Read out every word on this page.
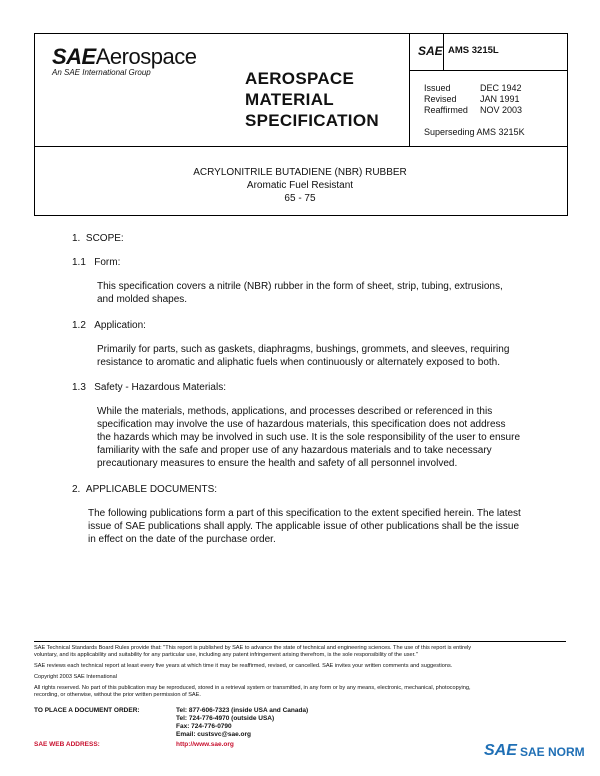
SAEAerospace
An SAE International Group	AEROSPACE
MATERIAL
SPECIFICATION
SAE AMS 3215L
Issued	DEC 1942
Revised	JAN 1991
Reaffirmed NOV 2003
Superseding AMS 3215K
ACRYLONITRILE BUTADIENE (NBR) RUBBER
Aromatic Fuel Resistant
65 - 75
1. SCOPE:
1.1 Form:
This specification covers a nitrile (NBR) rubber in the form of sheet, strip, tubing, extrusions,
and molded shapes.
1.2 Application:
Primarily for parts, such as gaskets, diaphragms, bushings, grommets, and sleeves, requiring
resistance to aromatic and aliphatic fuels when continuously or alternately exposed to both.
1.3 Safety - Hazardous Materials:
While the materials, methods, applications, and processes described or referenced in this
specification may involve the use of hazardous materials, this specification does not address
the hazards which may be involved in such use. It is the sole responsibility of the user to ensure
familiarity with the safe and proper use of any hazardous materials and to take necessary
precautionary measures to ensure the health and safety of all personnel involved.
2. APPLICABLE DOCUMENTS:
The following publications form a part of this specification to the extent specified herein. The latest
issue of SAE publications shall apply. The applicable issue of other publications shall be the issue
in effect on the date of the purchase order.
SAE Technical Standards Board Rules provide that: "This report is published by SAE to advance the state of technical and engineering sciences. The use of this report is entirely
voluntary, and its applicability and suitability for any particular use, including any patent infringement arising therefrom, is the sole responsibility of the user."
SAE reviews each technical report at least every five years at which time it may be reaffirmed, revised, or cancelled. SAE invites your written comments and suggestions.
Copyright 2003 SAE International
All rights reserved. No part of this publication may be reproduced, stored in a retrieval system or transmitted, in any form or by any means, electronic, mechanical, photocopying,
recording, or otherwise, without the prior written permission of SAE.
TO PLACE A DOCUMENT ORDER:	Tel: 877-606-7323 (inside USA and Canada)
Tel: 724-776-4970 (outside USA)
Fax: 724-776-0790
Email: custsvc@sae.org
SAE WEB ADDRESS:	http://www.sae.org	SAE SAE NORM
